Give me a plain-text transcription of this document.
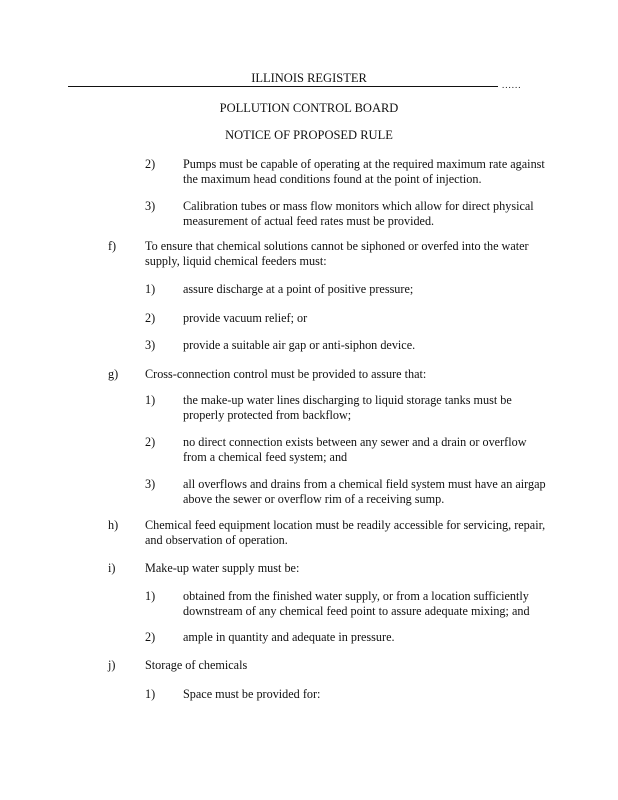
ILLINOIS REGISTER	......
POLLUTION CONTROL BOARD
NOTICE OF PROPOSED RULE
2) Pumps must be capable of operating at the required maximum rate against
the maximum head conditions found at the point of injection.
3) Calibration tubes or mass flow monitors which allow for direct physical
measurement of actual feed rates must be provided.
f) To ensure that chemical solutions cannot be siphoned or overfed into the water
supply, liquid chemical feeders must:
1) assure discharge at a point of positive pressure;
2) provide vacuum relief; or
3) provide a suitable air gap or anti-siphon device.
g) Cross-connection control must be provided to assure that:
1) the make-up water lines discharging to liquid storage tanks must be
properly protected from backflow;
2) no direct connection exists between any sewer and a drain or overflow
from a chemical feed system; and
3) all overflows and drains from a chemical field system must have an airgap
above the sewer or overflow rim of a receiving sump.
h) Chemical feed equipment location must be readily accessible for servicing, repair,
and observation of operation.
i) Make-up water supply must be:
1) obtained from the finished water supply, or from a location sufficiently
downstream of any chemical feed point to assure adequate mixing; and
2) ample in quantity and adequate in pressure.
j) Storage of chemicals
1) Space must be provided for:
